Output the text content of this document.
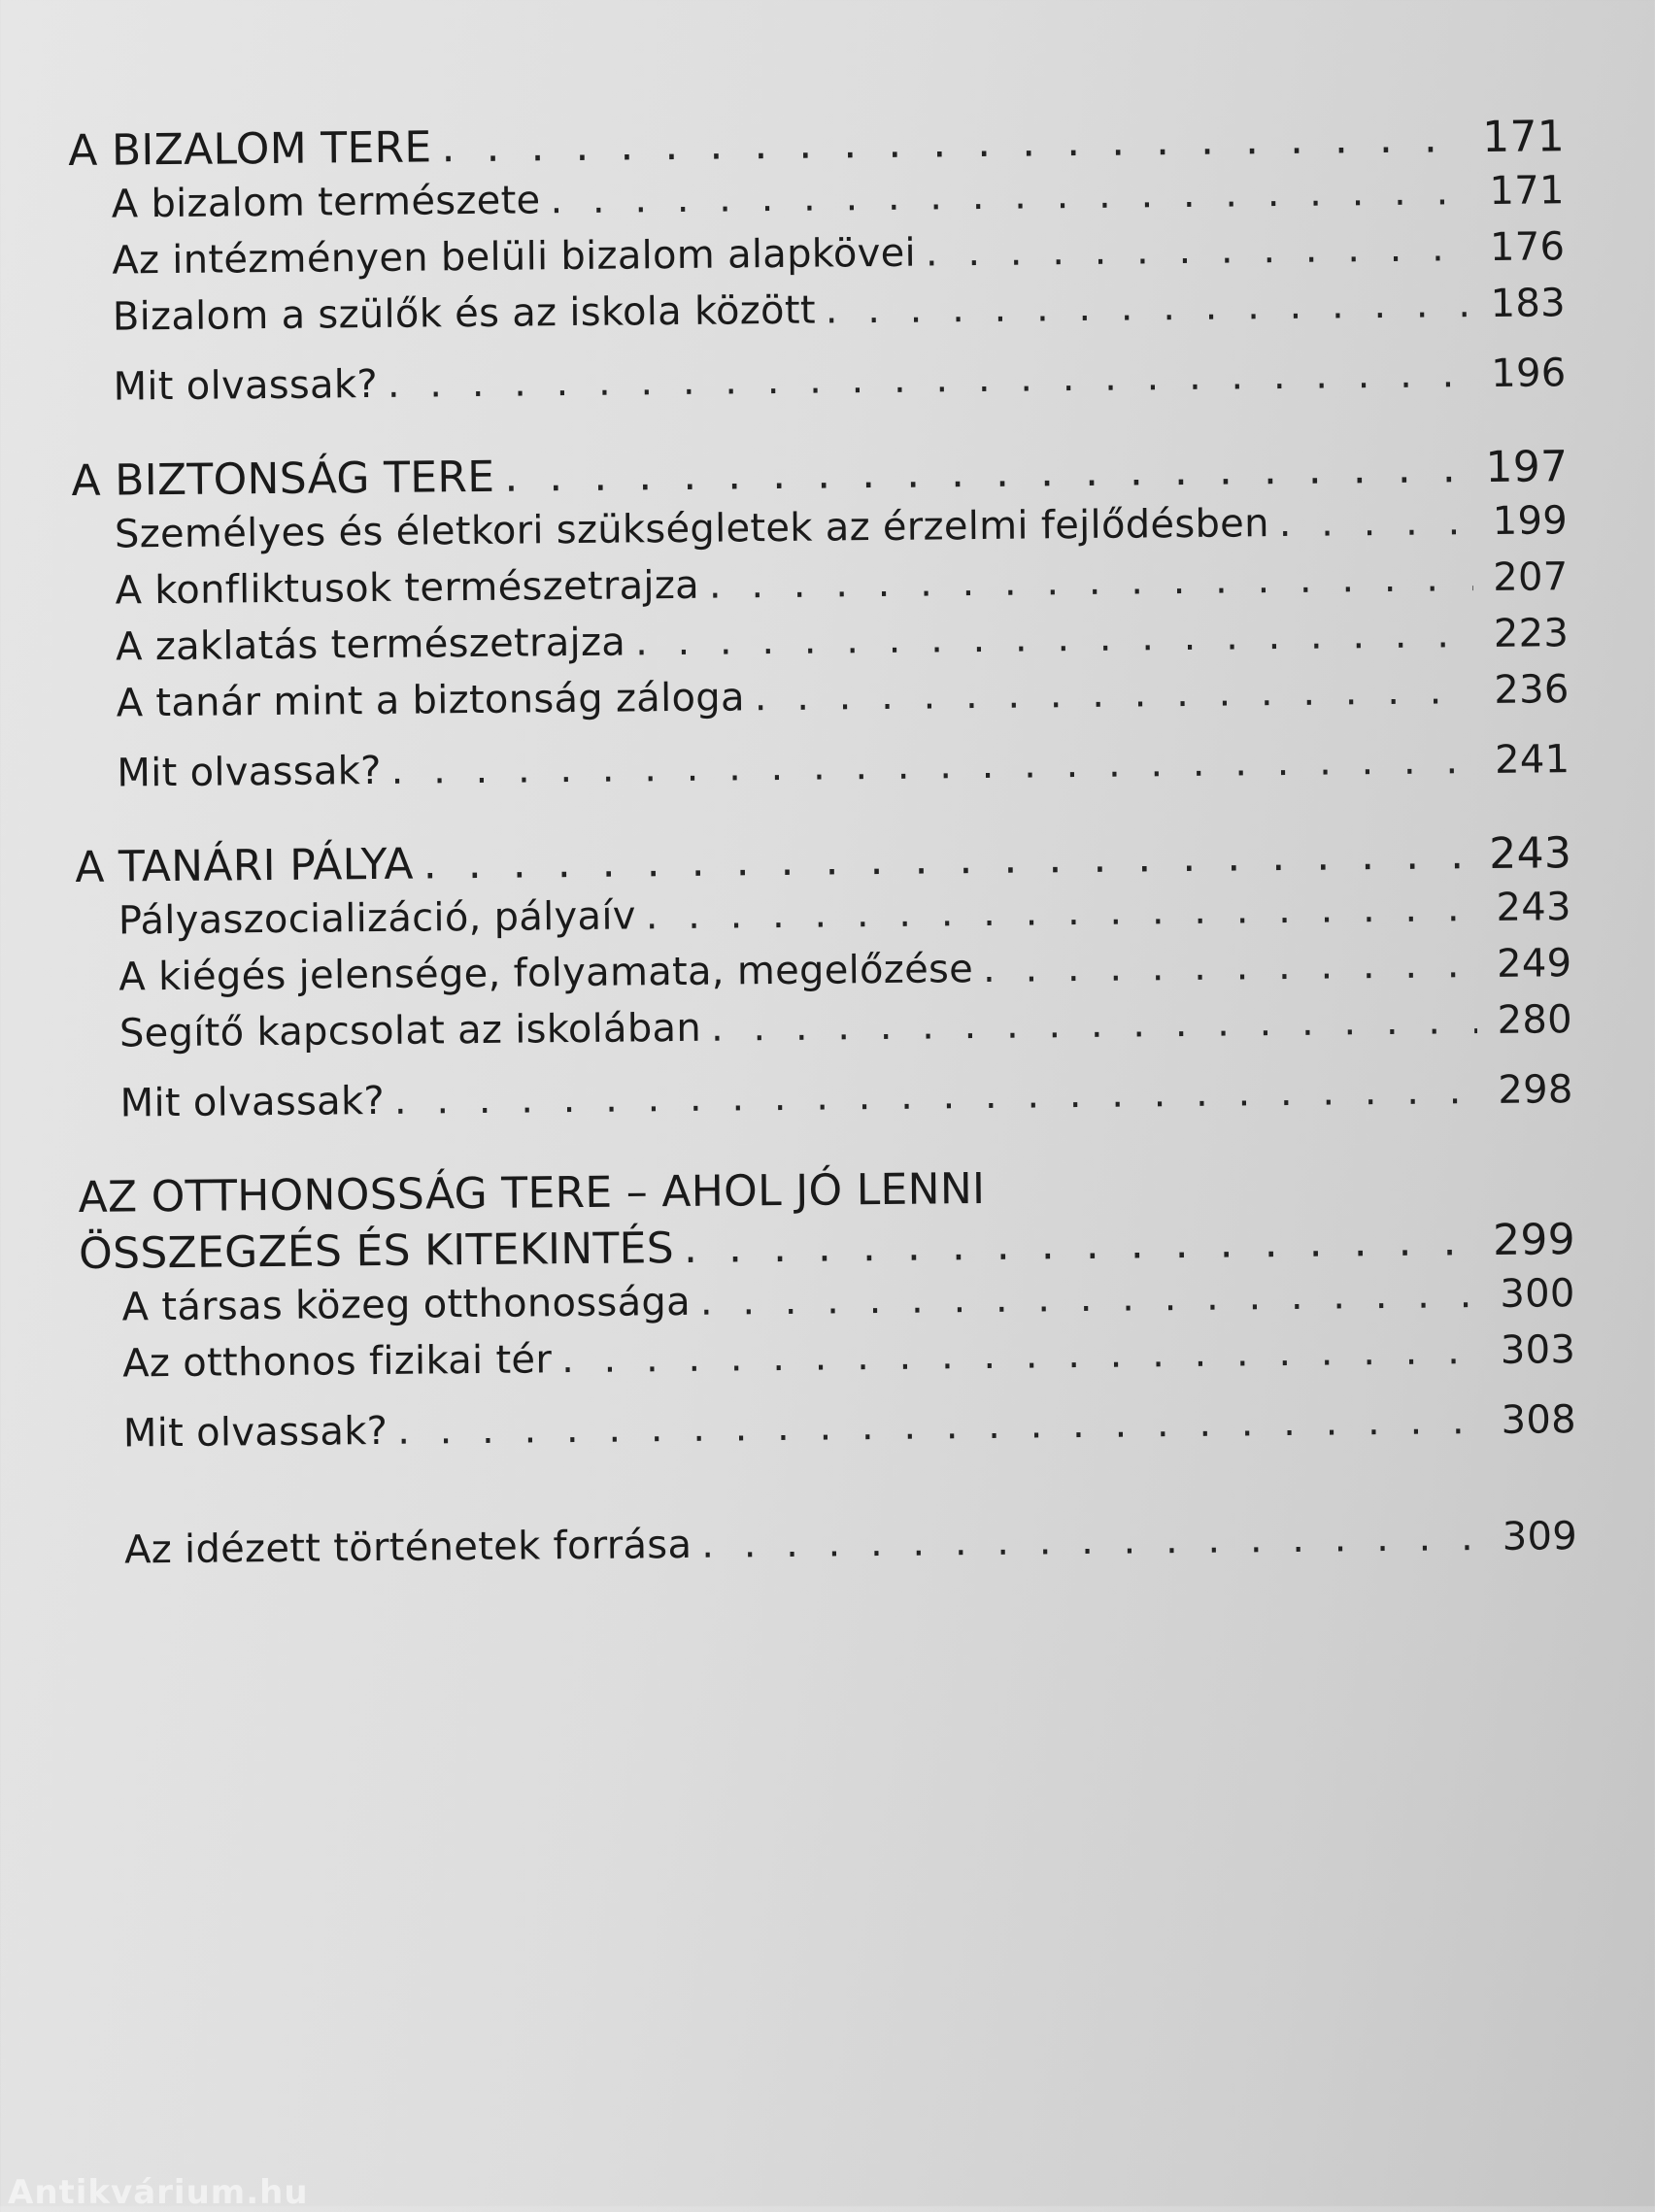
A BIZALOM TERE . . .	171
A bizalom természete . . .	171
Az intézményen belüli bizalom alapkövei . . .	176
Bizalom a szülők és az iskola között . . .	183
Mit olvassak? . . .	196
A BIZTONSÁG TERE . . .	197
Személyes és életkori szükségletek az érzelmi fejlődésben . . .	199
A konfliktusok természetrajza . . .	207
A zaklatás természetrajza . . .	223
A tanár mint a biztonság záloga . . .	236
Mit olvassak? . . .	241
A TANÁRI PÁLYA . . .	243
Pályaszocializáció, pályaív . . .	243
A kiégés jelensége, folyamata, megelőzése . . .	249
Segítő kapcsolat az iskolában . . .	280
Mit olvassak? . . .	298
AZ OTTHONOSSÁG TERE – AHOL JÓ LENNI
ÖSSZEGZÉS ÉS KITEKINTÉS . . .	299
A társas közeg otthonossága . . .	300
Az otthonos fizikai tér . . .	303
Mit olvassak? . . .	308
Az idézett történetek forrása . . .	309
Antikvárium.hu
